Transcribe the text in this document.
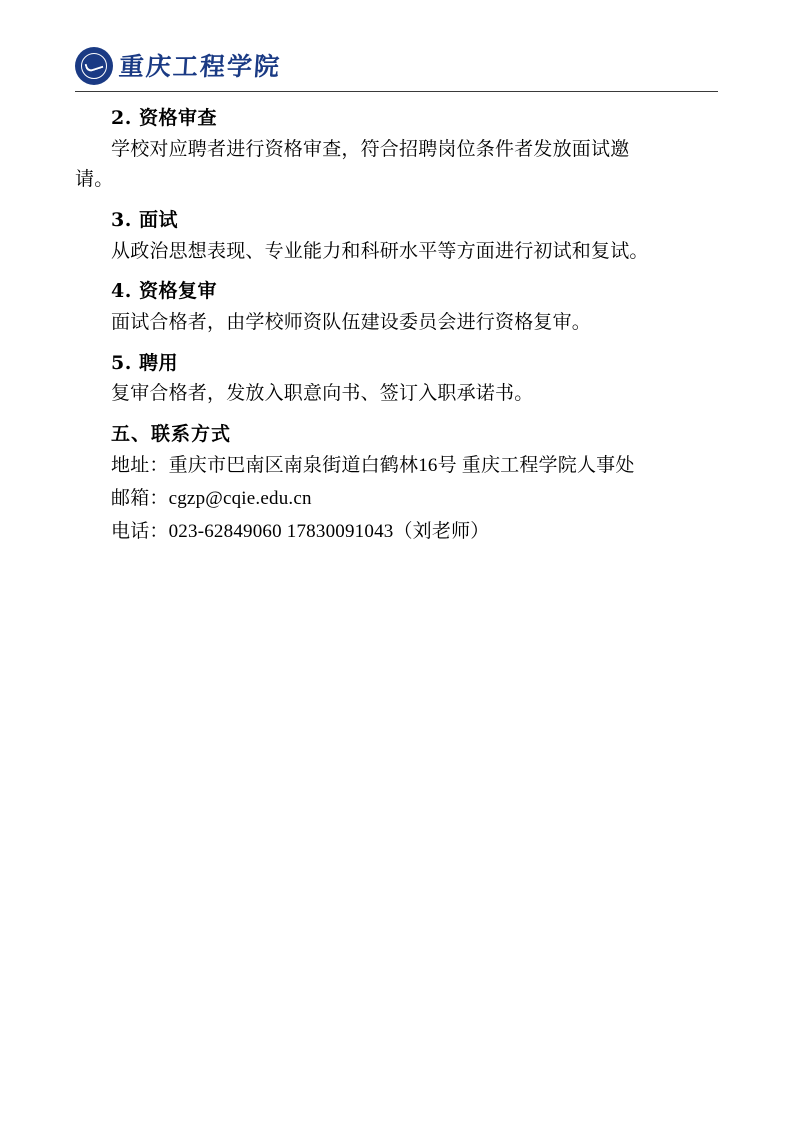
重庆工程学院
2. 资格审查

学校对应聘者进行资格审查，符合招聘岗位条件者发放面试邀
请。

3. 面试

从政治思想表现、专业能力和科研水平等方面进行初试和复试。

4. 资格复审

面试合格者，由学校师资队伍建设委员会进行资格复审。

5. 聘用

复审合格者，发放入职意向书、签订入职承诺书。

五、联系方式

地址：重庆市巴南区南泉街道白鹤林16号 重庆工程学院人事处

邮箱：cgzp@cqie.edu.cn

电话：023-62849060 17830091043（刘老师）
